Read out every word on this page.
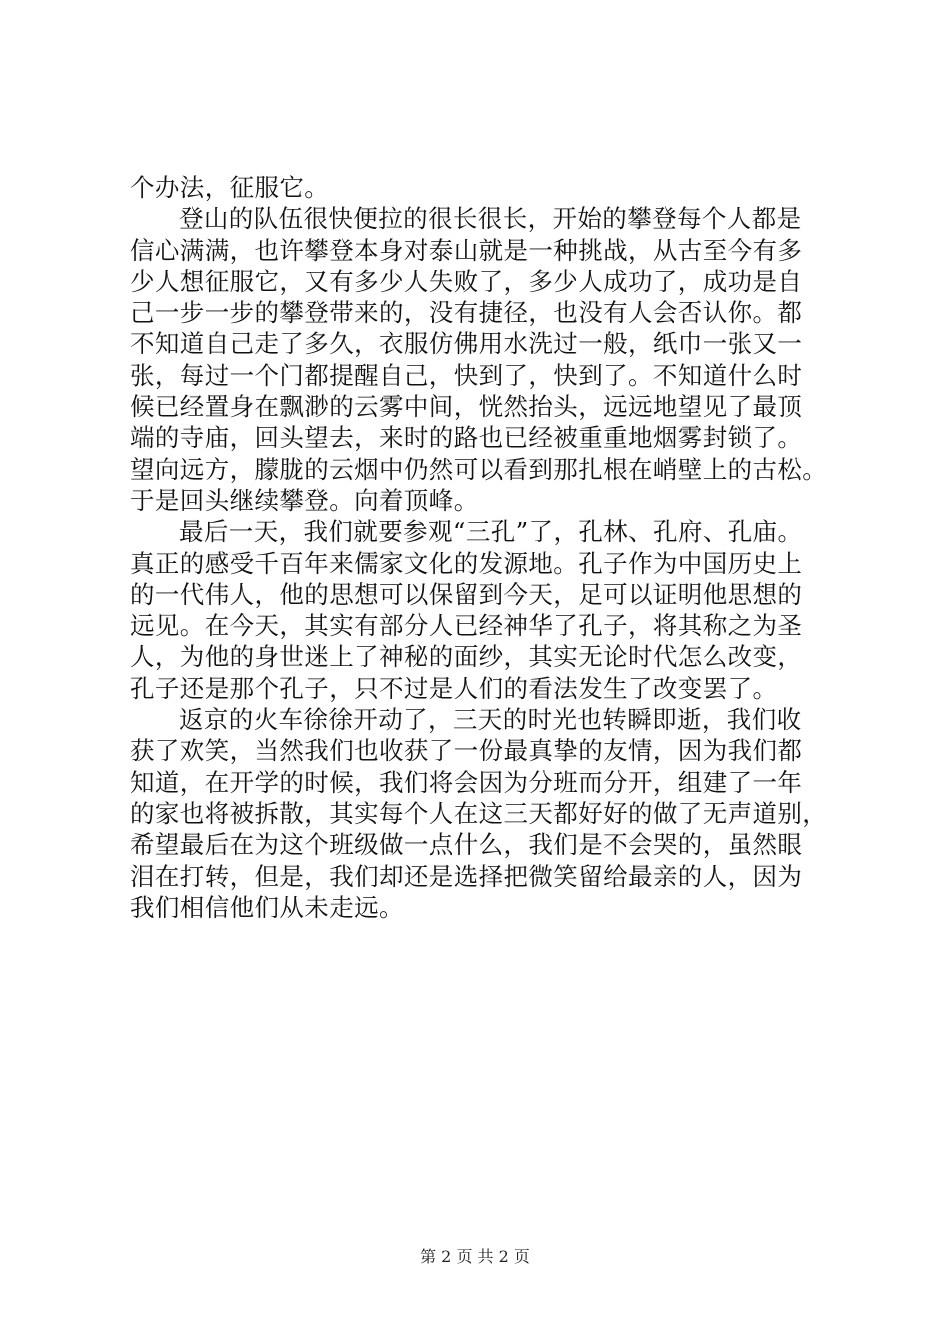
个办法，征服它。
登山的队伍很快便拉的很长很长，开始的攀登每个人都是
信心满满，也许攀登本身对泰山就是一种挑战，从古至今有多
少人想征服它，又有多少人失败了，多少人成功了，成功是自
己一步一步的攀登带来的，没有捷径，也没有人会否认你。都
不知道自己走了多久，衣服仿佛用水洗过一般，纸巾一张又一
张，每过一个门都提醒自己，快到了，快到了。不知道什么时
候已经置身在飘渺的云雾中间，恍然抬头，远远地望见了最顶
端的寺庙，回头望去，来时的路也已经被重重地烟雾封锁了。
望向远方，朦胧的云烟中仍然可以看到那扎根在峭壁上的古松。
于是回头继续攀登。向着顶峰。
最后一天，我们就要参观“三孔”了，孔林、孔府、孔庙。
真正的感受千百年来儒家文化的发源地。孔子作为中国历史上
的一代伟人，他的思想可以保留到今天，足可以证明他思想的
远见。在今天，其实有部分人已经神华了孔子，将其称之为圣
人，为他的身世迷上了神秘的面纱，其实无论时代怎么改变，
孔子还是那个孔子，只不过是人们的看法发生了改变罢了。
返京的火车徐徐开动了，三天的时光也转瞬即逝，我们收
获了欢笑，当然我们也收获了一份最真挚的友情，因为我们都
知道，在开学的时候，我们将会因为分班而分开，组建了一年
的家也将被拆散，其实每个人在这三天都好好的做了无声道别，
希望最后在为这个班级做一点什么，我们是不会哭的，虽然眼
泪在打转，但是，我们却还是选择把微笑留给最亲的人，因为
我们相信他们从未走远。
第 2 页 共 2 页
